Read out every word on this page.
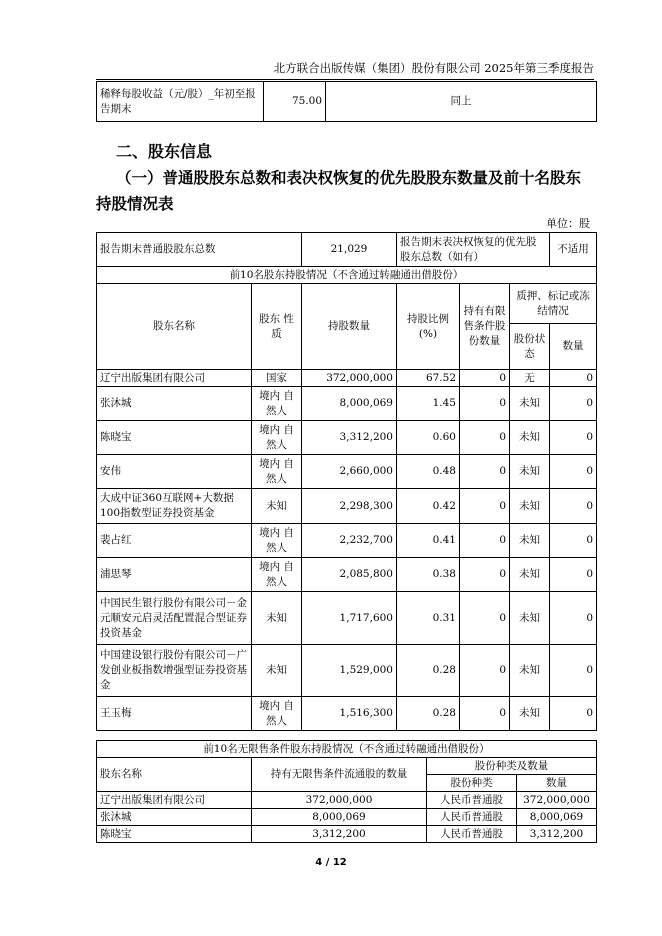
北方联合出版传媒（集团）股份有限公司 2025年第三季度报告
稀释每股收益（元/股）_年初至报告期末	75.00	同上
二、股东信息
（一）普通股股东总数和表决权恢复的优先股股东数量及前十名股东
持股情况表
单位：股
报告期末普通股股东总数		21,029	报告期末表决权恢复的优先股股东总数（如有）			不适用
前10名股东持股情况（不含通过转融通出借股份）						
股东名称	股东 性质	持股数量	持股比例(%)	持有有限售条件股份数量	质押、标记或冻结情况	
					股份状态	数量
辽宁出版集团有限公司	国家	372,000,000	67.52	0	无	0
张沐城	境内 自然人	8,000,069	1.45	0	未知	0
陈晓宝	境内 自然人	3,312,200	0.60	0	未知	0
安伟	境内 自然人	2,660,000	0.48	0	未知	0
大成中证360互联网+大数据100指数型证券投资基金	未知	2,298,300	0.42	0	未知	0
裴占红	境内 自然人	2,232,700	0.41	0	未知	0
浦思琴	境内 自然人	2,085,800	0.38	0	未知	0
中国民生银行股份有限公司－金元顺安元启灵活配置混合型证券投资基金	未知	1,717,600	0.31	0	未知	0
中国建设银行股份有限公司－广发创业板指数增强型证券投资基金	未知	1,529,000	0.28	0	未知	0
王玉梅	境内 自然人	1,516,300	0.28	0	未知	0
前10名无限售条件股东持股情况（不含通过转融通出借股份）			
股东名称	持有无限售条件流通股的数量	股份种类及数量	
		股份种类	数量
辽宁出版集团有限公司	372,000,000	人民币普通股	372,000,000
张沐城	8,000,069	人民币普通股	8,000,069
陈晓宝	3,312,200	人民币普通股	3,312,200
4 / 12
